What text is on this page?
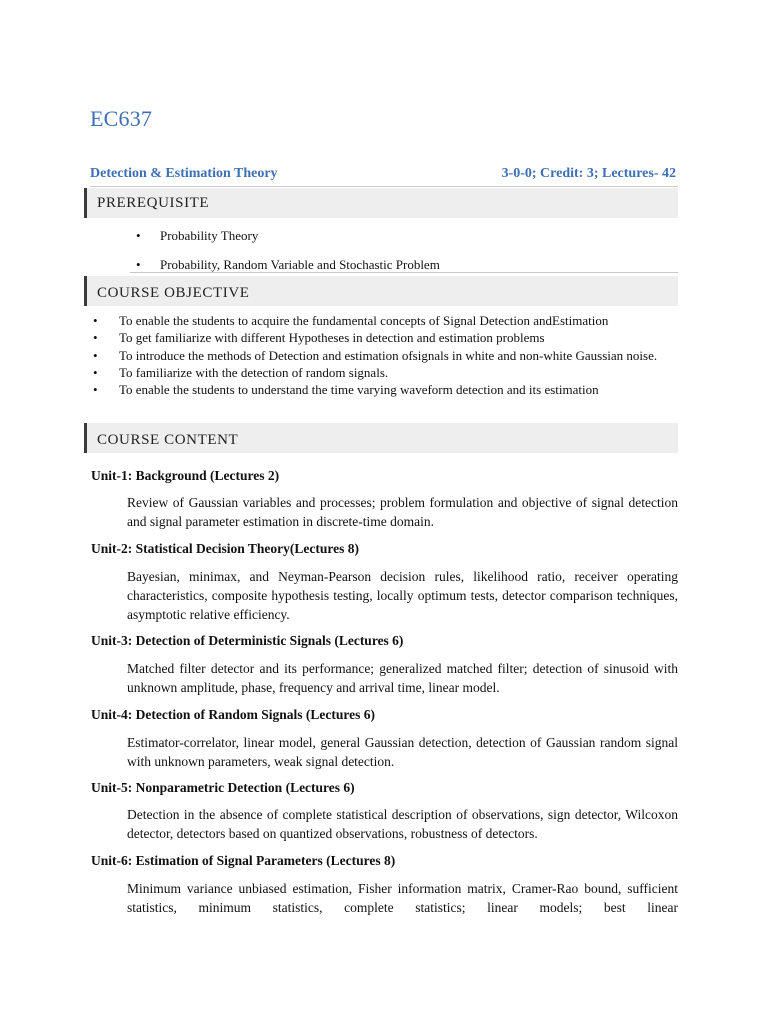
EC637
Detection & Estimation Theory	3-0-0; Credit: 3; Lectures- 42
PREREQUISITE
• Probability Theory
• Probability, Random Variable and Stochastic Problem
COURSE OBJECTIVE
• To enable the students to acquire the fundamental concepts of Signal Detection andEstimation
• To get familiarize with different Hypotheses in detection and estimation problems
• To introduce the methods of Detection and estimation ofsignals in white and non-white Gaussian noise.
• To familiarize with the detection of random signals.
• To enable the students to understand the time varying waveform detection and its estimation
COURSE CONTENT
Unit-1: Background (Lectures 2)
Review of Gaussian variables and processes; problem formulation and objective of signal detection and signal parameter estimation in discrete-time domain.
Unit-2: Statistical Decision Theory(Lectures 8)
Bayesian, minimax, and Neyman-Pearson decision rules, likelihood ratio, receiver operating characteristics, composite hypothesis testing, locally optimum tests, detector comparison techniques, asymptotic relative efficiency.
Unit-3: Detection of Deterministic Signals (Lectures 6)
Matched filter detector and its performance; generalized matched filter; detection of sinusoid with unknown amplitude, phase, frequency and arrival time, linear model.
Unit-4: Detection of Random Signals (Lectures 6)
Estimator-correlator, linear model, general Gaussian detection, detection of Gaussian random signal with unknown parameters, weak signal detection.
Unit-5: Nonparametric Detection (Lectures 6)
Detection in the absence of complete statistical description of observations, sign detector, Wilcoxon detector, detectors based on quantized observations, robustness of detectors.
Unit-6: Estimation of Signal Parameters (Lectures 8)
Minimum variance unbiased estimation, Fisher information matrix, Cramer-Rao bound, sufficient statistics, minimum statistics, complete statistics; linear models; best linear
